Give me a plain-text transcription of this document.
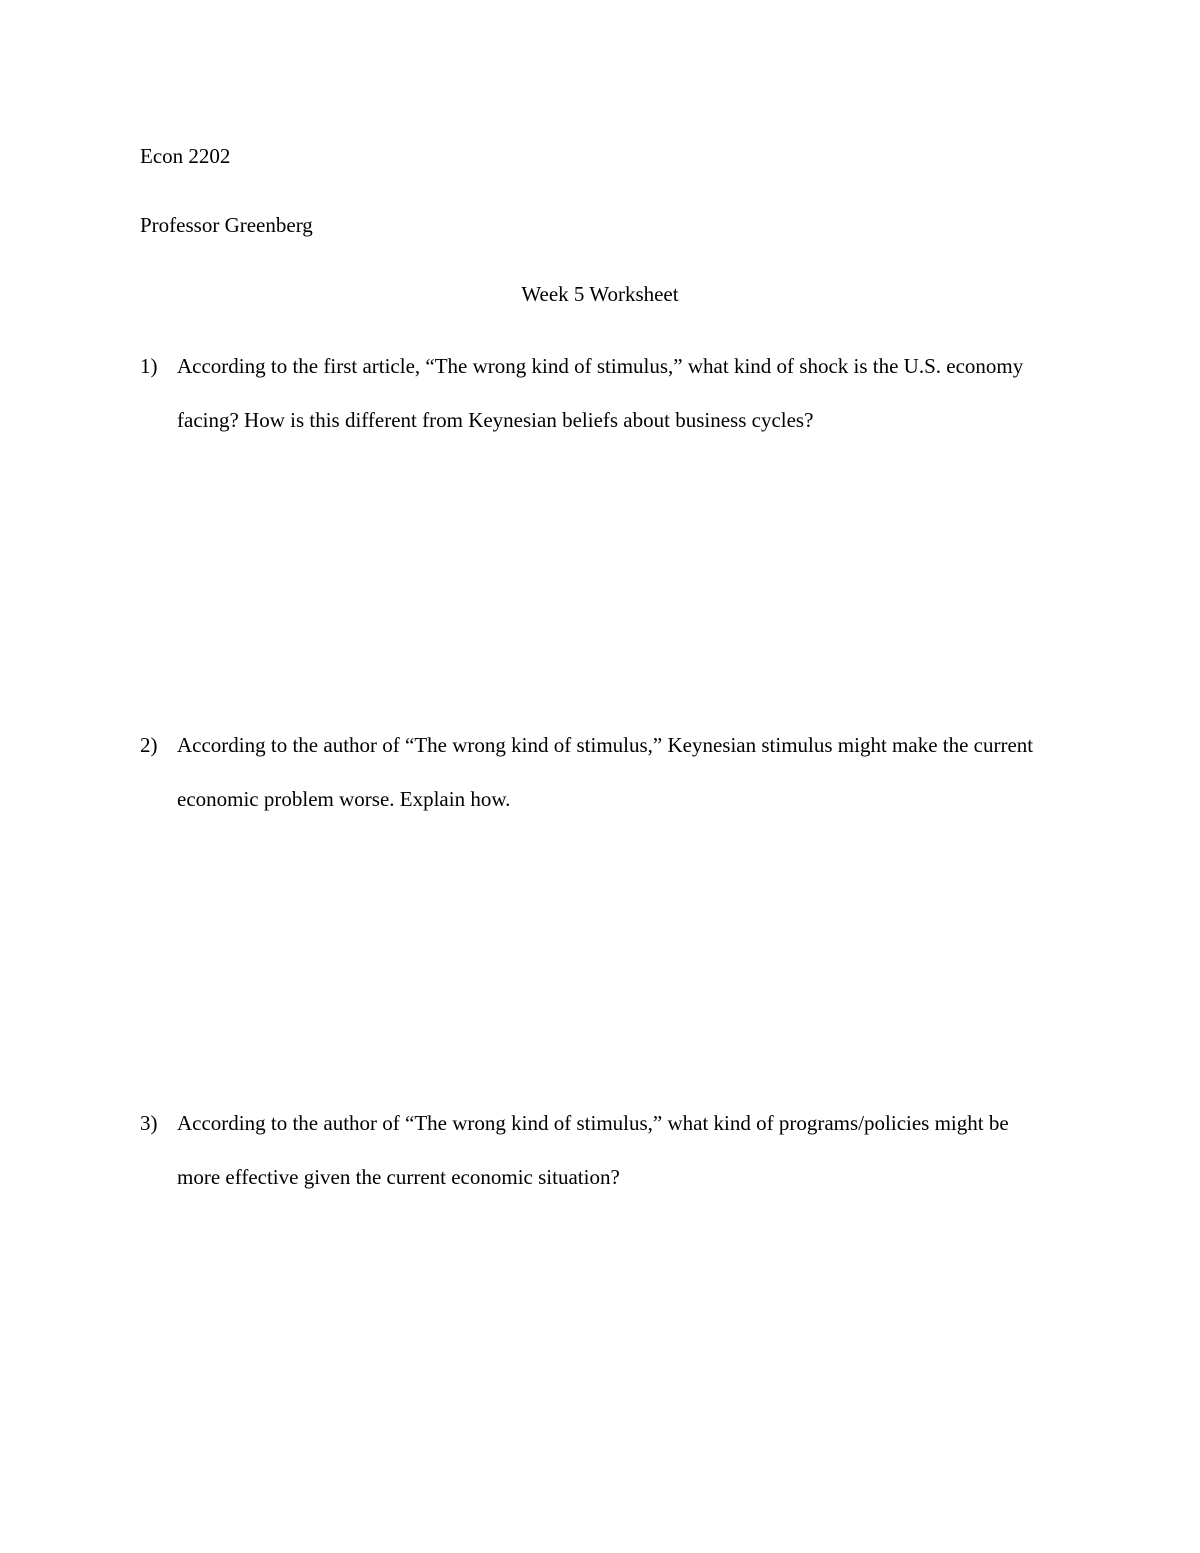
Econ 2202
Professor Greenberg
Week 5 Worksheet
1) According to the first article, “The wrong kind of stimulus,” what kind of shock is the U.S. economy facing? How is this different from Keynesian beliefs about business cycles?
2) According to the author of “The wrong kind of stimulus,” Keynesian stimulus might make the current economic problem worse. Explain how.
3) According to the author of “The wrong kind of stimulus,” what kind of programs/policies might be more effective given the current economic situation?
